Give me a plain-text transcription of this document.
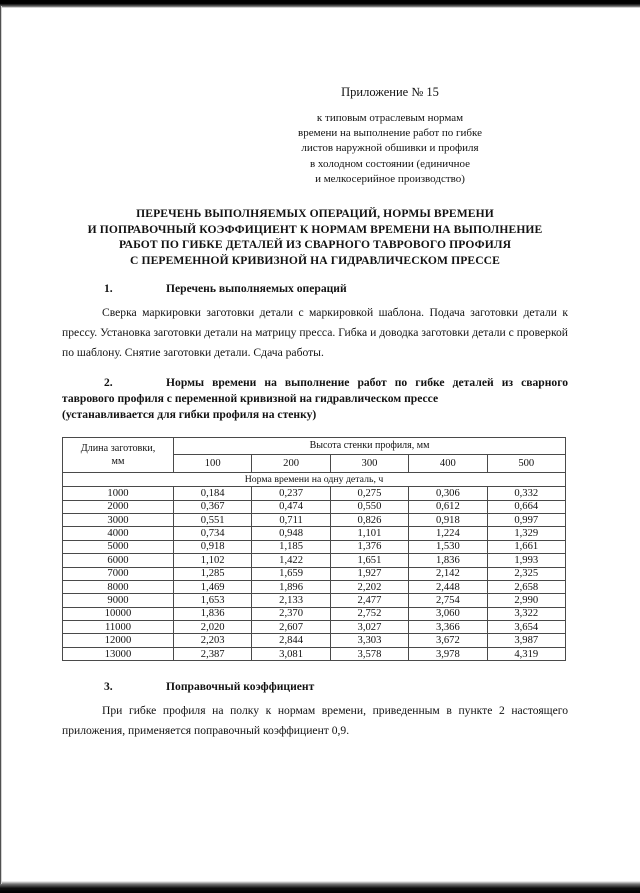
Приложение № 15
к типовым отраслевым нормам
времени на выполнение работ по гибке
листов наружной обшивки и профиля
в холодном состоянии (единичное
и мелкосерийное производство)
ПЕРЕЧЕНЬ ВЫПОЛНЯЕМЫХ ОПЕРАЦИЙ, НОРМЫ ВРЕМЕНИ
И ПОПРАВОЧНЫЙ КОЭФФИЦИЕНТ К НОРМАМ ВРЕМЕНИ НА ВЫПОЛНЕНИЕ
РАБОТ ПО ГИБКЕ ДЕТАЛЕЙ ИЗ СВАРНОГО ТАВРОВОГО ПРОФИЛЯ
С ПЕРЕМЕННОЙ КРИВИЗНОЙ НА ГИДРАВЛИЧЕСКОМ ПРЕССЕ
1.	Перечень выполняемых операций

Сверка маркировки заготовки детали с маркировкой шаблона. Подача заготовки детали к прессу. Установка заготовки детали на матрицу пресса. Гибка и доводка заготовки детали с проверкой по шаблону. Снятие заготовки детали. Сдача работы.

2.	Нормы времени на выполнение работ по гибке деталей из сварного таврового профиля с переменной кривизной на гидравлическом прессе
(устанавливается для гибки профиля на стенку)
Длина заготовки,
мм	Высота стенки профиля, мм				
	100	200	300	400	500
Норма времени на одну деталь, ч					
1000	0,184	0,237	0,275	0,306	0,332
2000	0,367	0,474	0,550	0,612	0,664
3000	0,551	0,711	0,826	0,918	0,997
4000	0,734	0,948	1,101	1,224	1,329
5000	0,918	1,185	1,376	1,530	1,661
6000	1,102	1,422	1,651	1,836	1,993
7000	1,285	1,659	1,927	2,142	2,325
8000	1,469	1,896	2,202	2,448	2,658
9000	1,653	2,133	2,477	2,754	2,990
10000	1,836	2,370	2,752	3,060	3,322
11000	2,020	2,607	3,027	3,366	3,654
12000	2,203	2,844	3,303	3,672	3,987
13000	2,387	3,081	3,578	3,978	4,319
3.	Поправочный коэффициент

При гибке профиля на полку к нормам времени, приведенным в пункте 2 настоящего приложения, применяется поправочный коэффициент 0,9.
